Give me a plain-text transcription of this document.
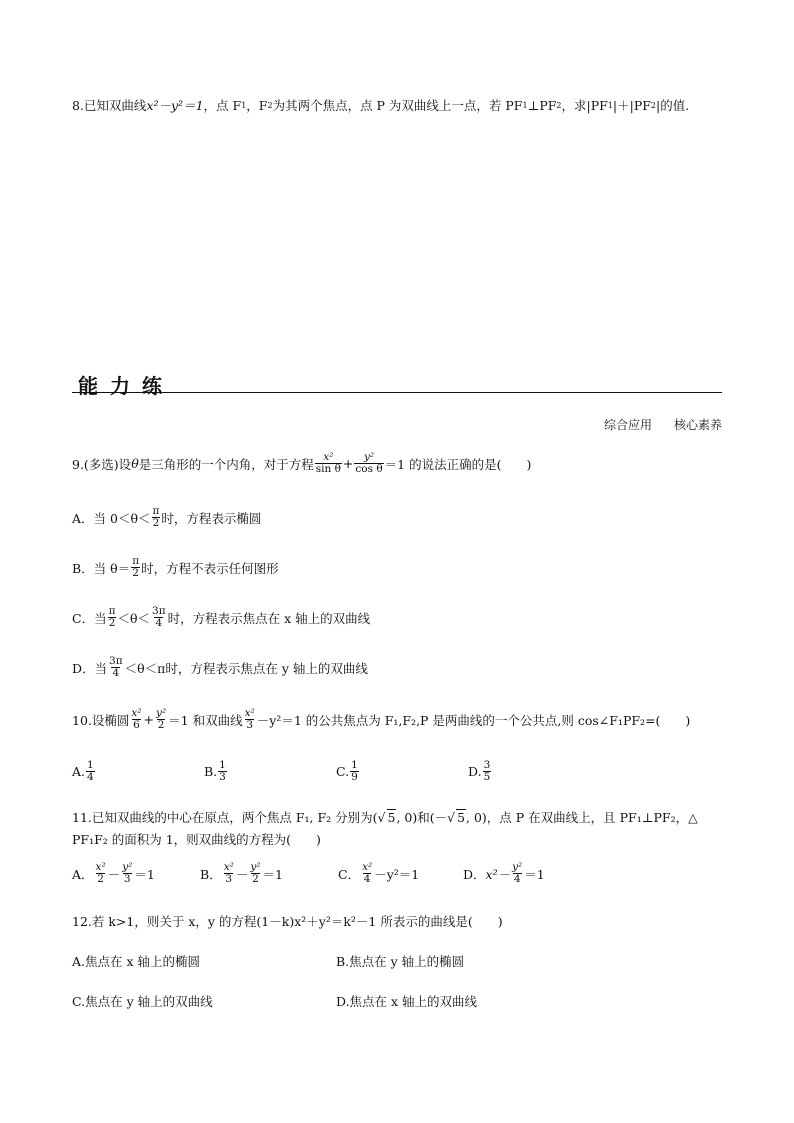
8.已知双曲线 x²－y²＝1 ，点 F 1 ，F 2 为其两个焦点，点 P 为双曲线上一点，若 PF 1 ⊥PF 2 ，求|PF 1 |＋|PF 2 |的值.
能力练
综合应用 核心素养
9.(多选)设 θ 是三角形的一个内角，对于方程 $\frac{\text{x²}}{\text{sin θ}} + \frac{\text{y²}}{\text{cos θ}} =1$ 的说法正确的是(　　)
A．当 $0<\theta< \frac{\pi}{2}$ 时，方程表示椭圆
B．当 $\theta= \frac{\pi}{2}$ 时，方程不表示任何图形
C．当 $\frac{\pi}{2} <\theta< \frac{3\pi}{4}$ 时，方程表示焦点在 x 轴上的双曲线
D．当 $\frac{3\pi}{4} <\theta<\pi$时，方程表示焦点在 y 轴上的双曲线
10.设椭圆 $\frac{\text{x²}}{6} + \frac{\text{y²}}{2} =1$ 和双曲线 $\frac{\text{x²}}{3} -y^2=1$ 的公共焦点为 F₁,F₂,P 是两曲线的一个公共点,则 cos∠F₁PF₂=(　　)
A. $\frac{1}{4}$	B. $\frac{1}{3}$	C. $\frac{1}{9}$	D. $\frac{3}{5}$
11.已知双曲线的中心在原点，两个焦点 F₁, F₂ 分别为( √ 5 , 0)和(－ √ 5 , 0)，点 P 在双曲线上，且 PF₁⊥PF₂，△
PF₁F₂ 的面积为 1，则双曲线的方程为(　　)
A． $\frac{\text{x²}}{2} - \frac{\text{y²}}{3} =1$	B． $\frac{\text{x²}}{3} - \frac{\text{y²}}{2} =1$	C． $\frac{\text{x²}}{4} -y^2=1$	D． $x^2- \frac{\text{y²}}{4} =1$
12.若 k>1，则关于 x，y 的方程(1－k)x²＋y²＝k²－1 所表示的曲线是(　　)
A.焦点在 x 轴上的椭圆	B.焦点在 y 轴上的椭圆
C.焦点在 y 轴上的双曲线	D.焦点在 x 轴上的双曲线
